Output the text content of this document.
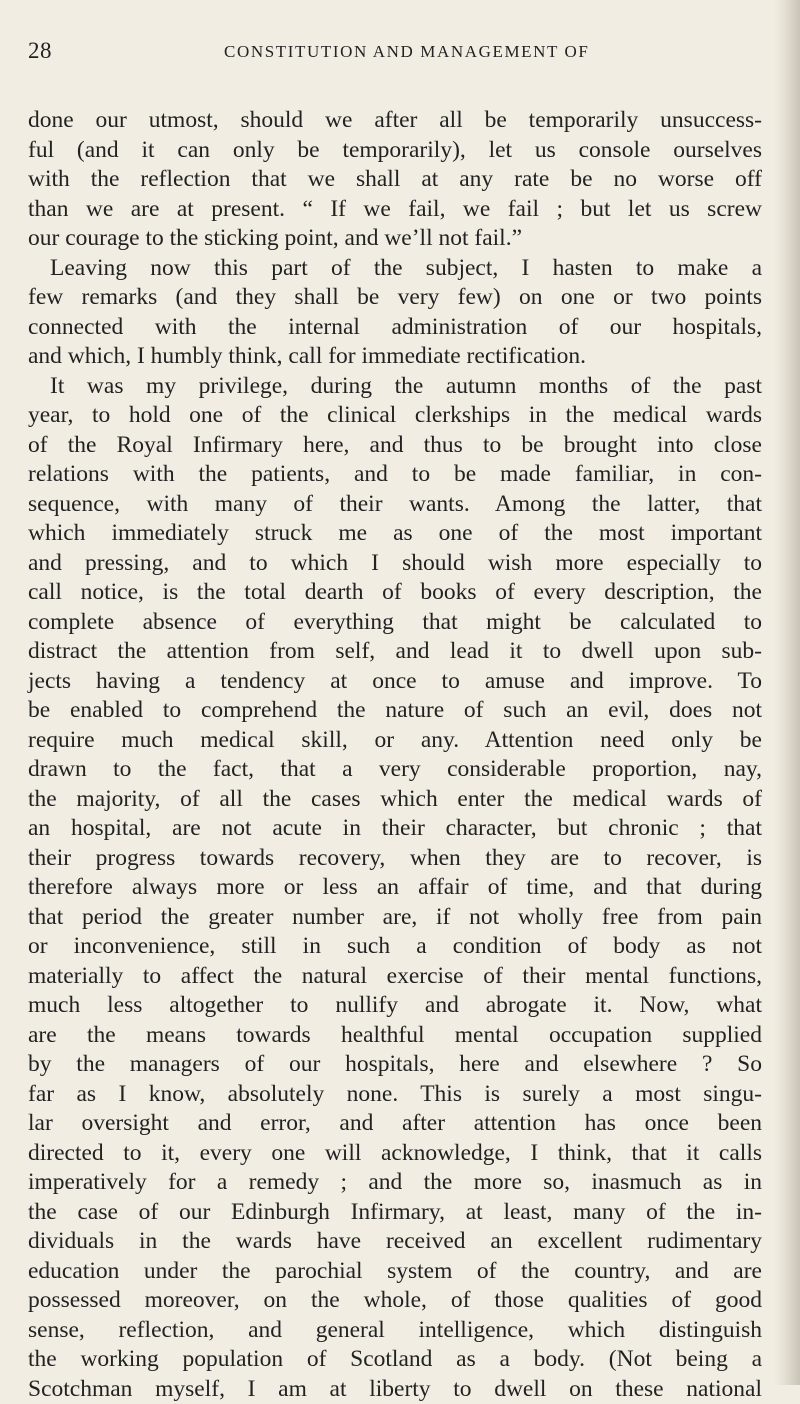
28	CONSTITUTION AND MANAGEMENT OF
done our utmost, should we after all be temporarily unsuccess-
ful (and it can only be temporarily), let us console ourselves
with the reflection that we shall at any rate be no worse off
than we are at present. “ If we fail, we fail ; but let us screw
our courage to the sticking point, and we’ll not fail.”
Leaving now this part of the subject, I hasten to make a
few remarks (and they shall be very few) on one or two points
connected with the internal administration of our hospitals,
and which, I humbly think, call for immediate rectification.
It was my privilege, during the autumn months of the past
year, to hold one of the clinical clerkships in the medical wards
of the Royal Infirmary here, and thus to be brought into close
relations with the patients, and to be made familiar, in con-
sequence, with many of their wants. Among the latter, that
which immediately struck me as one of the most important
and pressing, and to which I should wish more especially to
call notice, is the total dearth of books of every description, the
complete absence of everything that might be calculated to
distract the attention from self, and lead it to dwell upon sub-
jects having a tendency at once to amuse and improve. To
be enabled to comprehend the nature of such an evil, does not
require much medical skill, or any. Attention need only be
drawn to the fact, that a very considerable proportion, nay,
the majority, of all the cases which enter the medical wards of
an hospital, are not acute in their character, but chronic ; that
their progress towards recovery, when they are to recover, is
therefore always more or less an affair of time, and that during
that period the greater number are, if not wholly free from pain
or inconvenience, still in such a condition of body as not
materially to affect the natural exercise of their mental functions,
much less altogether to nullify and abrogate it. Now, what
are the means towards healthful mental occupation supplied
by the managers of our hospitals, here and elsewhere ? So
far as I know, absolutely none. This is surely a most singu-
lar oversight and error, and after attention has once been
directed to it, every one will acknowledge, I think, that it calls
imperatively for a remedy ; and the more so, inasmuch as in
the case of our Edinburgh Infirmary, at least, many of the in-
dividuals in the wards have received an excellent rudimentary
education under the parochial system of the country, and are
possessed moreover, on the whole, of those qualities of good
sense, reflection, and general intelligence, which distinguish
the working population of Scotland as a body. (Not being a
Scotchman myself, I am at liberty to dwell on these national
